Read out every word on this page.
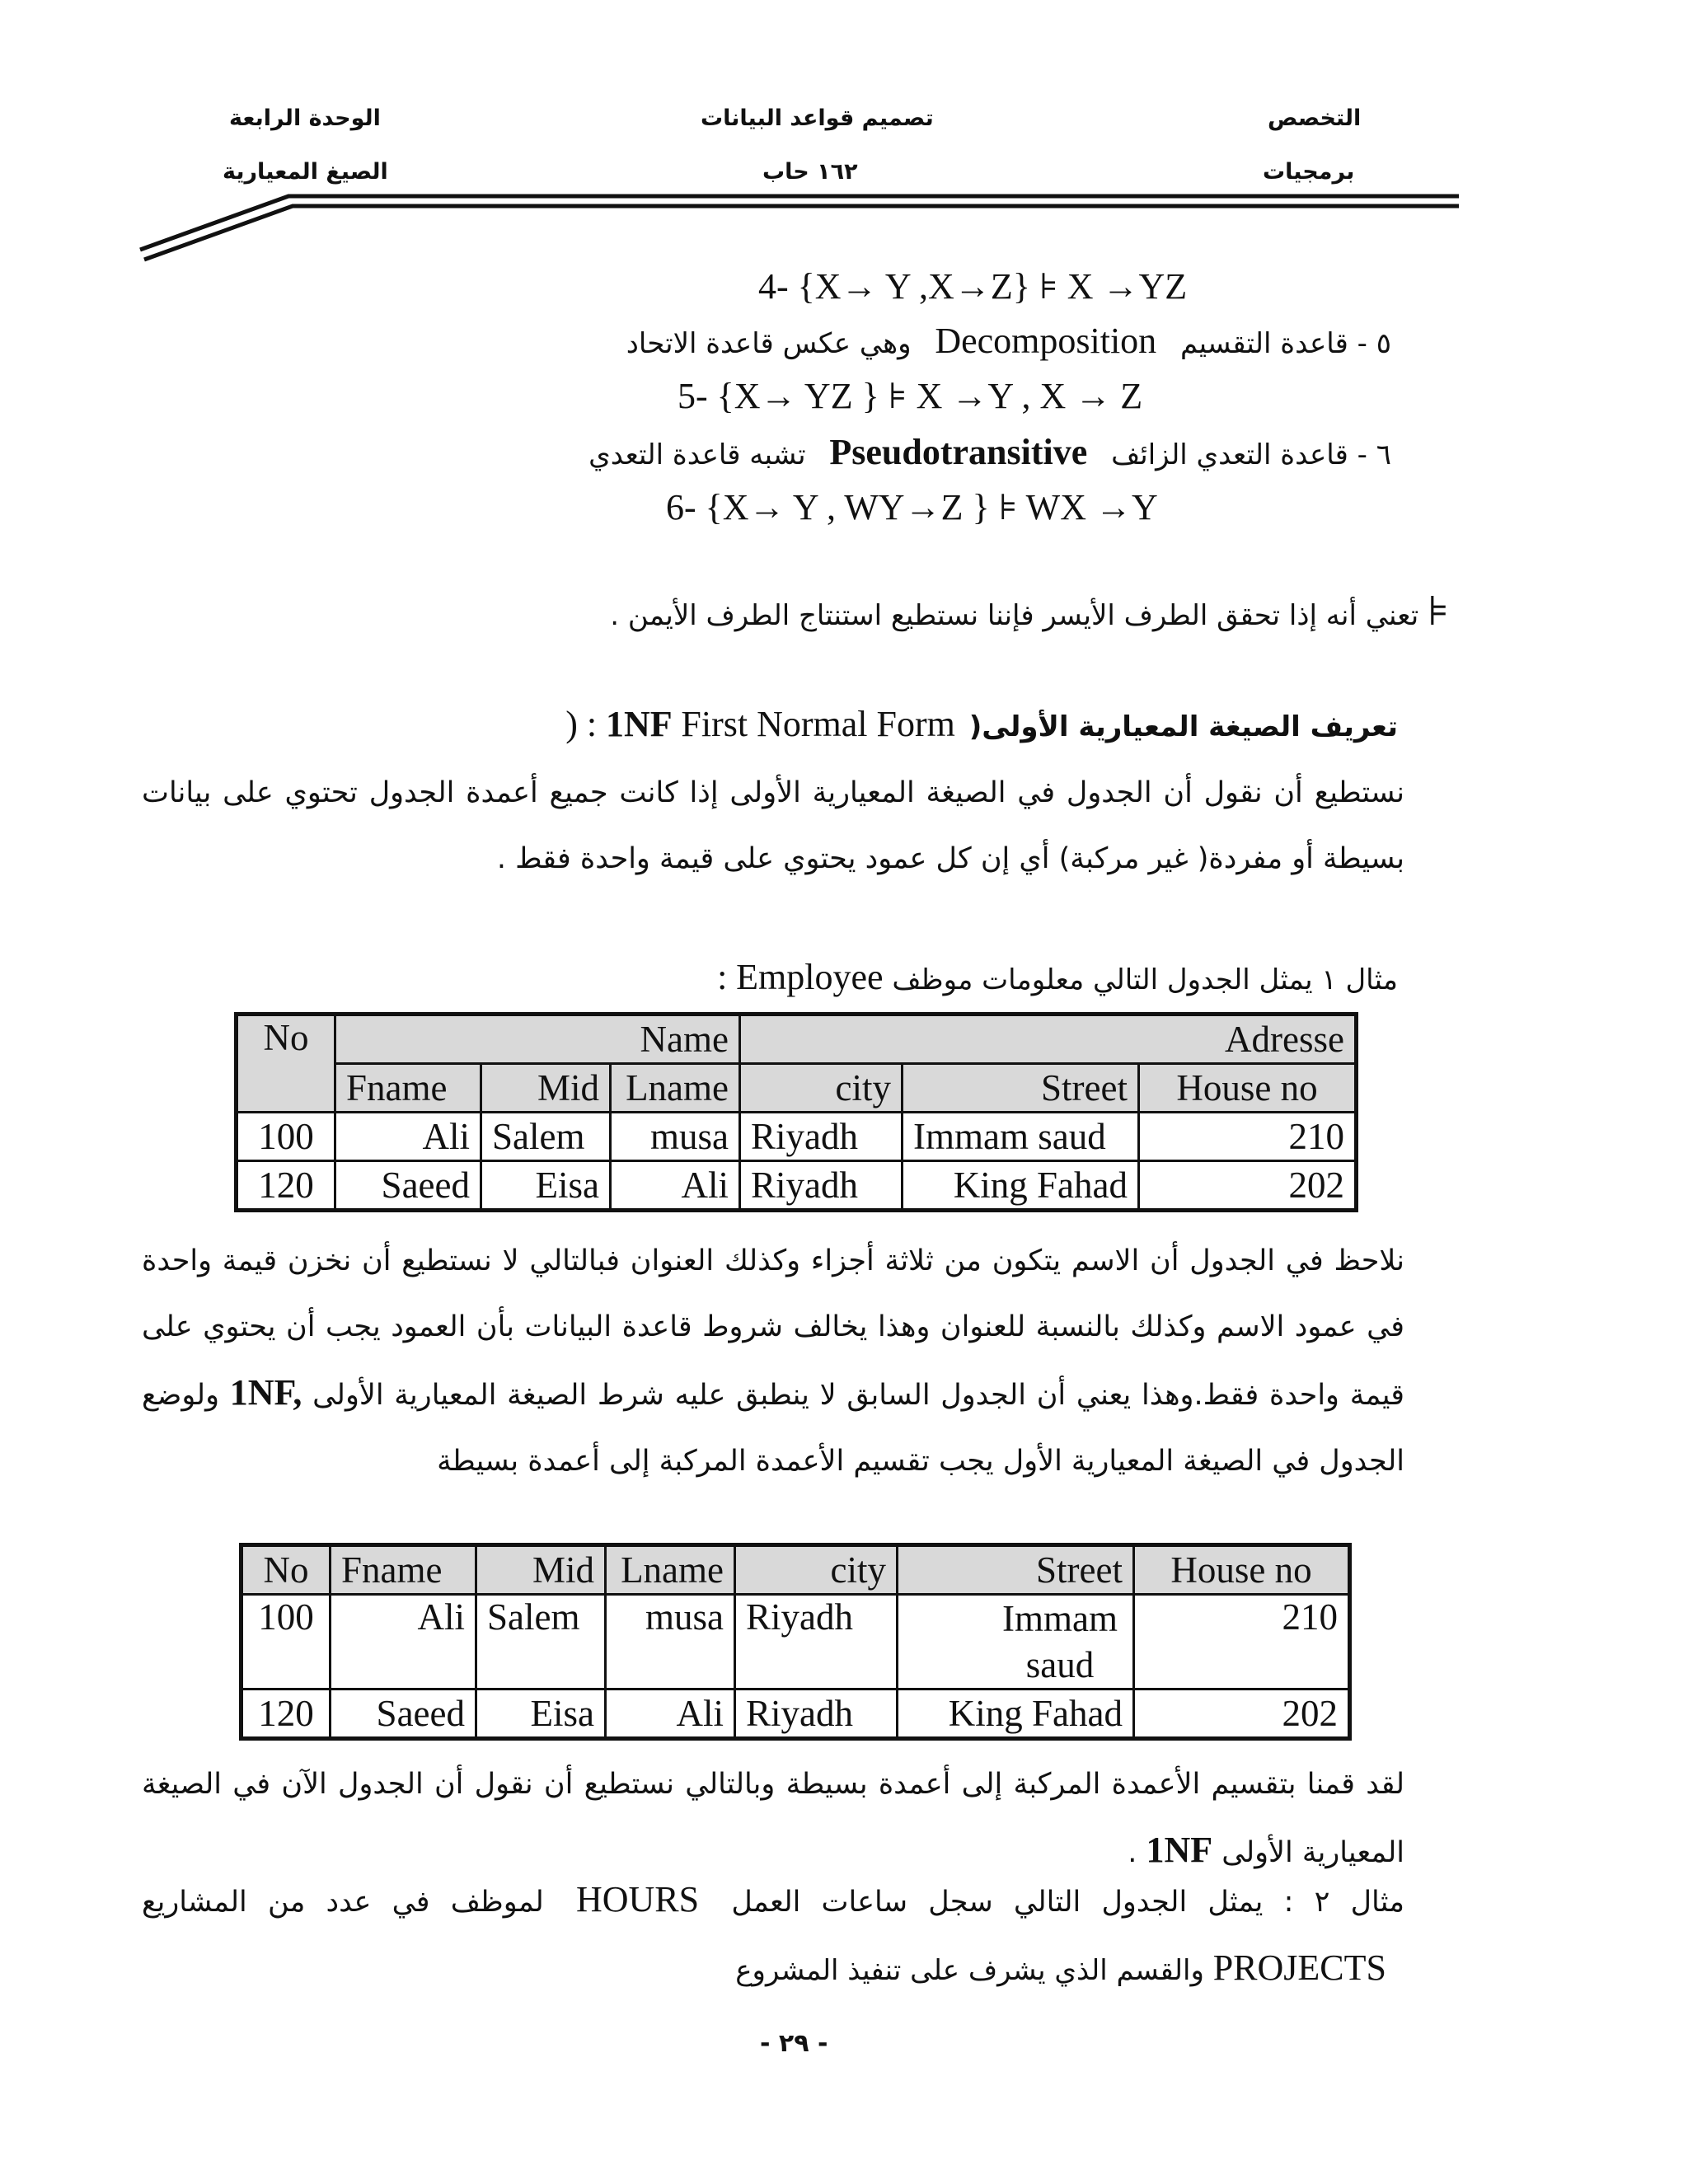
الوحدة الرابعة
الصيغ المعيارية
تصميم قواعد البيانات
١٦٢ حاب
التخصص
برمجيات
4- {X→ Y ,X→Z} ⊧ X →YZ
٥ - قاعدة التقسيم Decomposition وهي عكس قاعدة الاتحاد
5- {X→ YZ } ⊧ X →Y , X → Z
٦ - قاعدة التعدي الزائف Pseudotransitive تشبه قاعدة التعدي
6- {X→ Y , WY→Z } ⊧ WX →Y
⊧ تعني أنه إذا تحقق الطرف الأيسر فإننا نستطيع استنتاج الطرف الأيمن .
تعريف الصيغة المعيارية الأولى( First Normal Form 1NF ) :
نستطيع أن نقول أن الجدول في الصيغة المعيارية الأولى إذا كانت جميع أعمدة الجدول تحتوي على بيانات بسيطة أو مفردة( غير مركبة) أي إن كل عمود يحتوي على قيمة واحدة فقط .
مثال ١ يمثل الجدول التالي معلومات موظف Employee :
No	Name			Adresse		
	Fname	Mid	Lname	city	Street	House no
100	Ali	Salem	musa	Riyadh	Immam saud	210
120	Saeed	Eisa	Ali	Riyadh	King Fahad	202
نلاحظ في الجدول أن الاسم يتكون من ثلاثة أجزاء وكذلك العنوان فبالتالي لا نستطيع أن نخزن قيمة واحدة في عمود الاسم وكذلك بالنسبة للعنوان وهذا يخالف شروط قاعدة البيانات بأن العمود يجب أن يحتوي على قيمة واحدة فقط.وهذا يعني أن الجدول السابق لا ينطبق عليه شرط الصيغة المعيارية الأولى 1NF, ولوضع الجدول في الصيغة المعيارية الأول يجب تقسيم الأعمدة المركبة إلى أعمدة بسيطة
No	Fname	Mid	Lname	city	Street	House no
100	Ali	Salem	musa	Riyadh	Immam saud	210
120	Saeed	Eisa	Ali	Riyadh	King Fahad	202
لقد قمنا بتقسيم الأعمدة المركبة إلى أعمدة بسيطة وبالتالي نستطيع أن نقول أن الجدول الآن في الصيغة المعيارية الأولى 1NF .
مثال ٢ : يمثل الجدول التالي سجل ساعات العمل HOURS لموظف في عدد من المشاريع
PROJECTS والقسم الذي يشرف على تنفيذ المشروع
- ٢٩ -
